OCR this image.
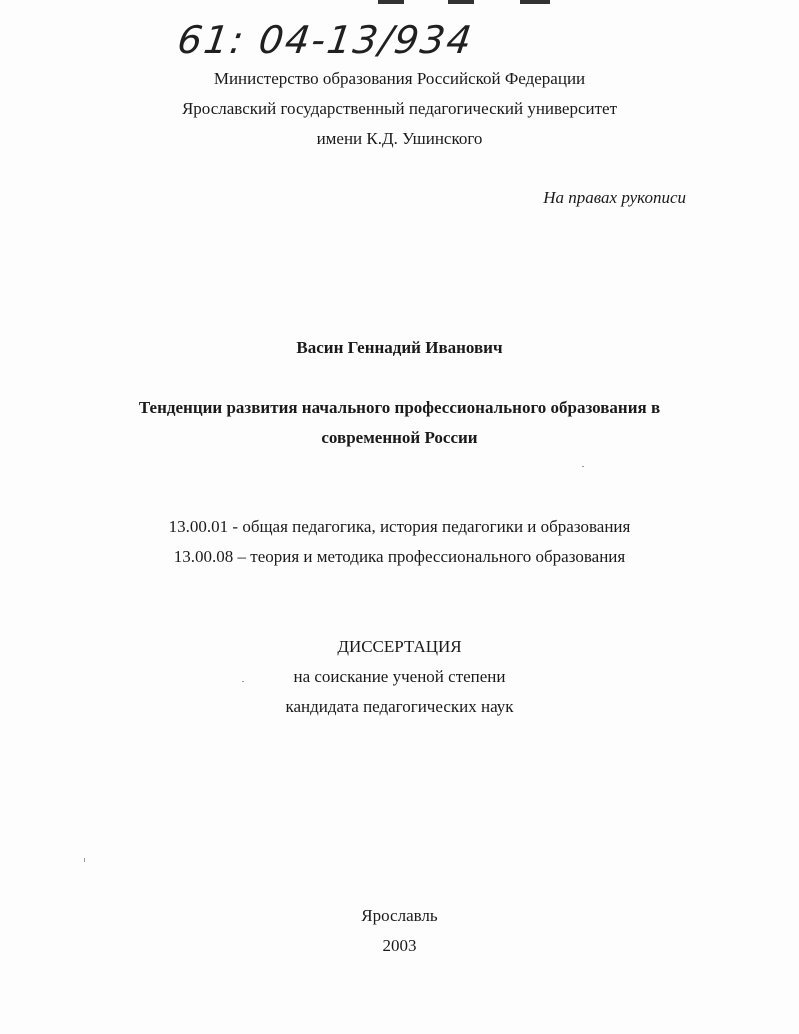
61: 04-13/934
Министерство образования Российской Федерации
Ярославский государственный педагогический университет
имени К.Д. Ушинского
На правах рукописи
Васин Геннадий Иванович
Тенденции развития начального профессионального образования в
современной России
13.00.01 - общая педагогика, история педагогики и образования
13.00.08 – теория и методика профессионального образования
ДИССЕРТАЦИЯ
на соискание ученой степени
кандидата педагогических наук
Ярославль
2003
